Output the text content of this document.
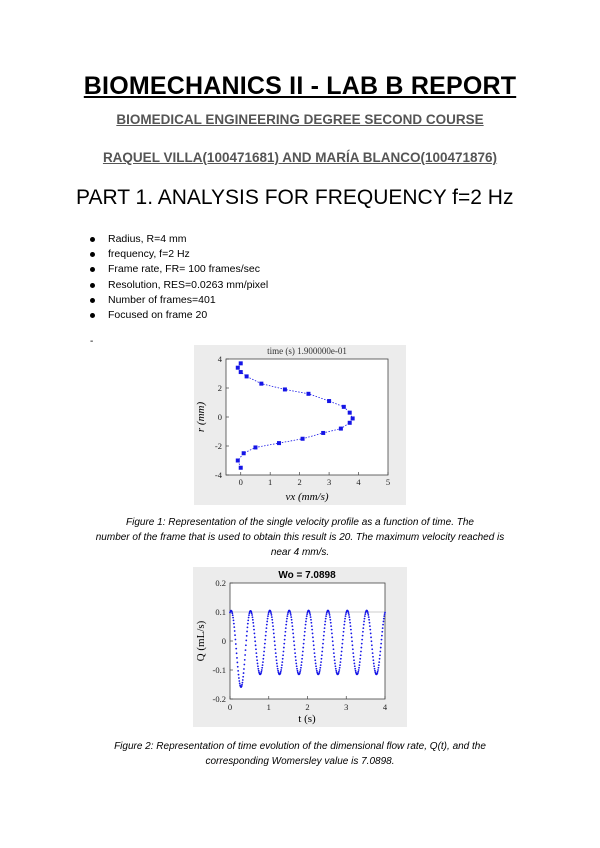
BIOMECHANICS II - LAB B REPORT
BIOMEDICAL ENGINEERING DEGREE SECOND COURSE
RAQUEL VILLA(100471681) AND MARÍA BLANCO(100471876)
PART 1. ANALYSIS FOR FREQUENCY f=2 Hz
Radius, R=4 mm
frequency, f=2 Hz
Frame rate, FR= 100 frames/sec
Resolution, RES=0.0263 mm/pixel
Number of frames=401
Focused on frame 20
-
time (s) 1.900000e-01
0	1	2	3	4	5
-4
-2
0
2
4
vx (mm/s)
r (mm)
Figure 1: Representation of the single velocity profile as a function of time. The
number of the frame that is used to obtain this result is 20. The maximum velocity reached is
near 4 mm/s.
Wo = 7.0898
0	1	2	3	4
-0.2
-0.1
0
0.1
0.2
t (s)
Q (mL/s)
Figure 2: Representation of time evolution of the dimensional flow rate, Q(t), and the
corresponding Womersley value is 7.0898.
